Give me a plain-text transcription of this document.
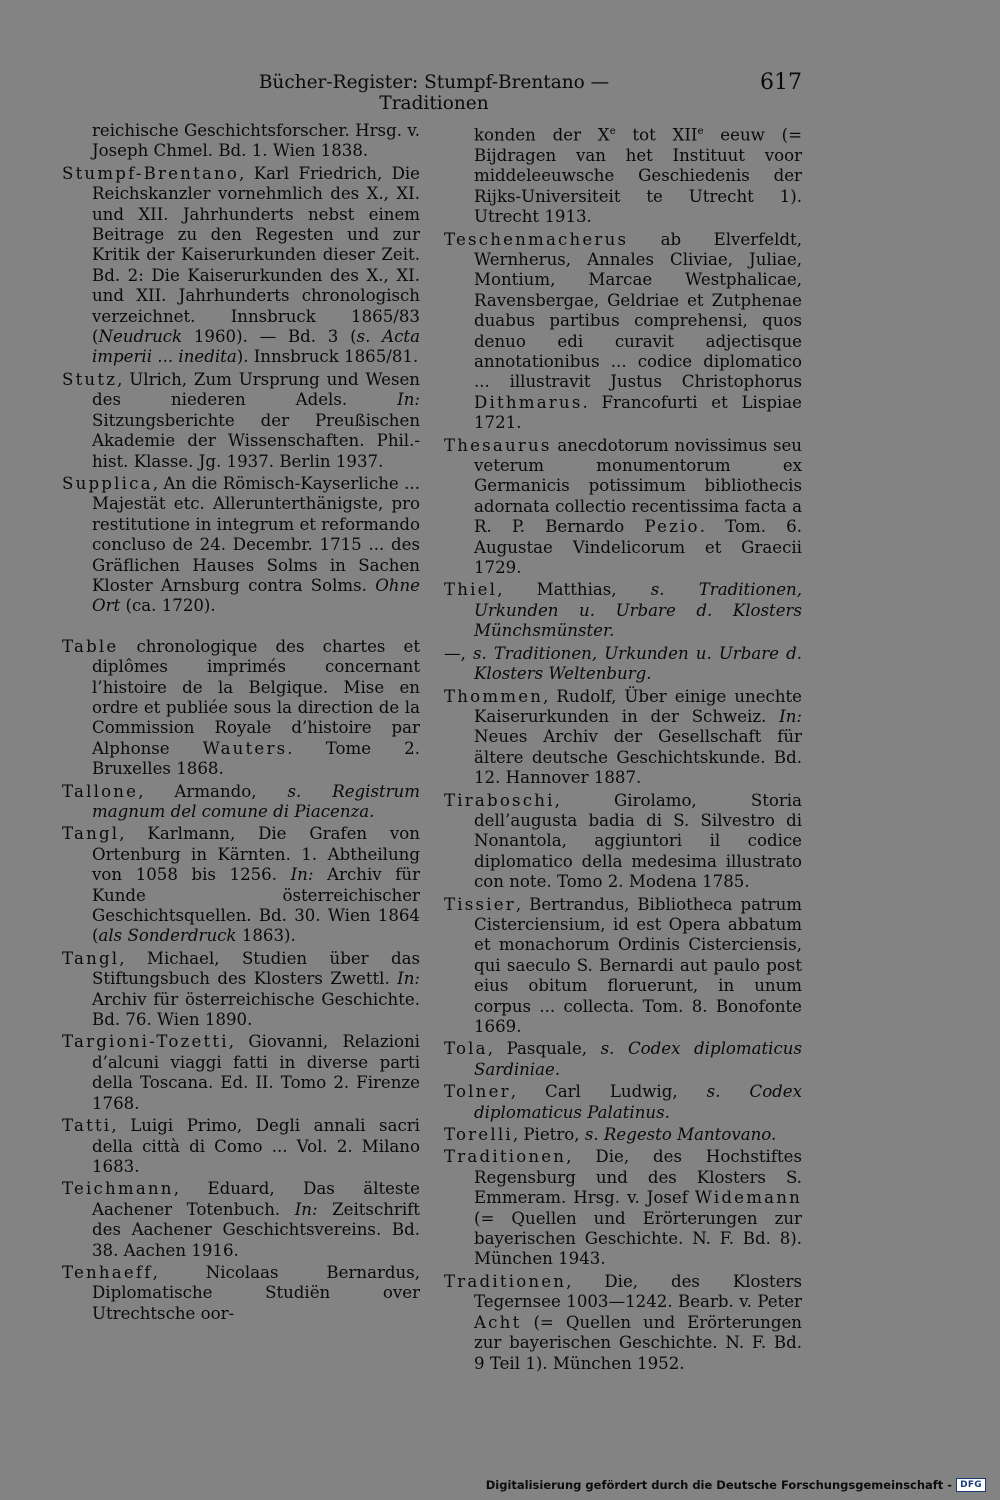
Bücher-Register: Stumpf-Brentano — Traditionen
617

reichische Geschichtsforscher. Hrsg. v. Joseph Chmel. Bd. 1. Wien 1838.

Stumpf-Brentano, Karl Friedrich, Die Reichskanzler vornehmlich des X., XI. und XII. Jahrhunderts nebst einem Beitrage zu den Regesten und zur Kritik der Kaiserurkunden dieser Zeit. Bd. 2: Die Kaiserurkunden des X., XI. und XII. Jahrhunderts chronologisch verzeichnet. Innsbruck 1865/83 (Neudruck 1960). — Bd. 3 (s. Acta imperii ... inedita). Innsbruck 1865/81.

Stutz, Ulrich, Zum Ursprung und Wesen des niederen Adels. In: Sitzungsberichte der Preußischen Akademie der Wissenschaften. Phil.-hist. Klasse. Jg. 1937. Berlin 1937.

Supplica, An die Römisch-Kayserliche ... Majestät etc. Allerunterthänigste, pro restitutione in integrum et reformando concluso de 24. Decembr. 1715 ... des Gräflichen Hauses Solms in Sachen Kloster Arnsburg contra Solms. Ohne Ort (ca. 1720).

Table chronologique des chartes et diplômes imprimés concernant l’histoire de la Belgique. Mise en ordre et publiée sous la direction de la Commission Royale d’histoire par Alphonse Wauters. Tome 2. Bruxelles 1868.

Tallone, Armando, s. Registrum magnum del comune di Piacenza.

Tangl, Karlmann, Die Grafen von Ortenburg in Kärnten. 1. Abtheilung von 1058 bis 1256. In: Archiv für Kunde österreichischer Geschichtsquellen. Bd. 30. Wien 1864 (als Sonderdruck 1863).

Tangl, Michael, Studien über das Stiftungsbuch des Klosters Zwettl. In: Archiv für österreichische Geschichte. Bd. 76. Wien 1890.

Targioni-Tozetti, Giovanni, Relazioni d’alcuni viaggi fatti in diverse parti della Toscana. Ed. II. Tomo 2. Firenze 1768.

Tatti, Luigi Primo, Degli annali sacri della città di Como ... Vol. 2. Milano 1683.

Teichmann, Eduard, Das älteste Aachener Totenbuch. In: Zeitschrift des Aachener Geschichtsvereins. Bd. 38. Aachen 1916.

Tenhaeff, Nicolaas Bernardus, Diplomatische Studiën over Utrechtsche oor-

konden der Xe tot XIIe eeuw (= Bijdragen van het Instituut voor middeleeuwsche Geschiedenis der Rijks-Universiteit te Utrecht 1). Utrecht 1913.

Teschenmacherus ab Elverfeldt, Wernherus, Annales Cliviae, Juliae, Montium, Marcae Westphalicae, Ravensbergae, Geldriae et Zutphenae duabus partibus comprehensi, quos denuo edi curavit adjectisque annotationibus ... codice diplomatico ... illustravit Justus Christophorus Dithmarus. Francofurti et Lispiae 1721.

Thesaurus anecdotorum novissimus seu veterum monumentorum ex Germanicis potissimum bibliothecis adornata collectio recentissima facta a R. P. Bernardo Pezio. Tom. 6. Augustae Vindelicorum et Graecii 1729.

Thiel, Matthias, s. Traditionen, Urkunden u. Urbare d. Klosters Münchsmünster.

—, s. Traditionen, Urkunden u. Urbare d. Klosters Weltenburg.

Thommen, Rudolf, Über einige unechte Kaiserurkunden in der Schweiz. In: Neues Archiv der Gesellschaft für ältere deutsche Geschichtskunde. Bd. 12. Hannover 1887.

Tiraboschi, Girolamo, Storia dell’augusta badia di S. Silvestro di Nonantola, aggiuntori il codice diplomatico della medesima illustrato con note. Tomo 2. Modena 1785.

Tissier, Bertrandus, Bibliotheca patrum Cisterciensium, id est Opera abbatum et monachorum Ordinis Cisterciensis, qui saeculo S. Bernardi aut paulo post eius obitum floruerunt, in unum corpus ... collecta. Tom. 8. Bonofonte 1669.

Tola, Pasquale, s. Codex diplomaticus Sardiniae.

Tolner, Carl Ludwig, s. Codex diplomaticus Palatinus.

Torelli, Pietro, s. Regesto Mantovano.

Traditionen, Die, des Hochstiftes Regensburg und des Klosters S. Emmeram. Hrsg. v. Josef Widemann (= Quellen und Erörterungen zur bayerischen Geschichte. N. F. Bd. 8). München 1943.

Traditionen, Die, des Klosters Tegernsee 1003—1242. Bearb. v. Peter Acht (= Quellen und Erörterungen zur bayerischen Geschichte. N. F. Bd. 9 Teil 1). München 1952.

Digitalisierung gefördert durch die Deutsche Forschungsgemeinschaft - DFG
